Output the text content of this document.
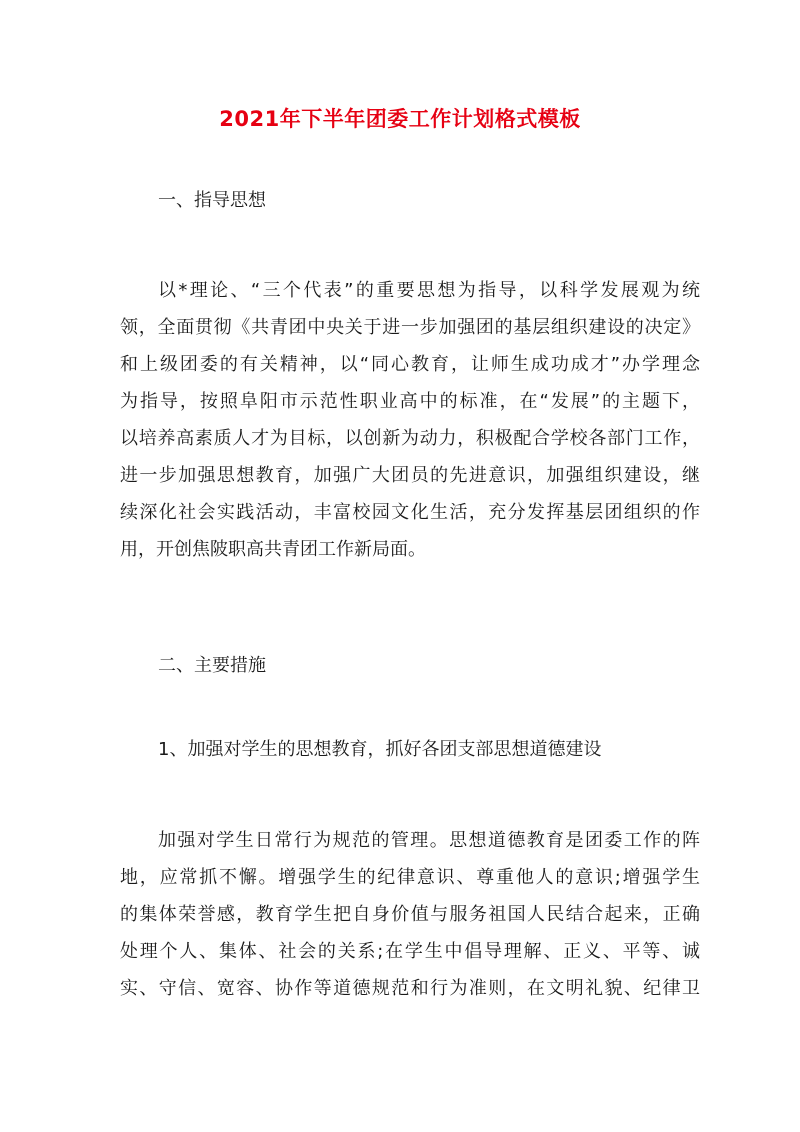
2021年下半年团委工作计划格式模板

一、指导思想

以*理论、“三个代表”的重要思想为指导，以科学发展观为统
领，全面贯彻《共青团中央关于进一步加强团的基层组织建设的决定》
和上级团委的有关精神，以“同心教育，让师生成功成才”办学理念
为指导，按照阜阳市示范性职业高中的标准，在“发展”的主题下，
以培养高素质人才为目标，以创新为动力，积极配合学校各部门工作，
进一步加强思想教育，加强广大团员的先进意识，加强组织建设，继
续深化社会实践活动，丰富校园文化生活，充分发挥基层团组织的作
用，开创焦陂职高共青团工作新局面。

二、主要措施

1、加强对学生的思想教育，抓好各团支部思想道德建设

加强对学生日常行为规范的管理。思想道德教育是团委工作的阵
地，应常抓不懈。增强学生的纪律意识、尊重他人的意识;增强学生
的集体荣誉感，教育学生把自身价值与服务祖国人民结合起来，正确
处理个人、集体、社会的关系;在学生中倡导理解、正义、平等、诚
实、守信、宽容、协作等道德规范和行为准则，在文明礼貌、纪律卫
